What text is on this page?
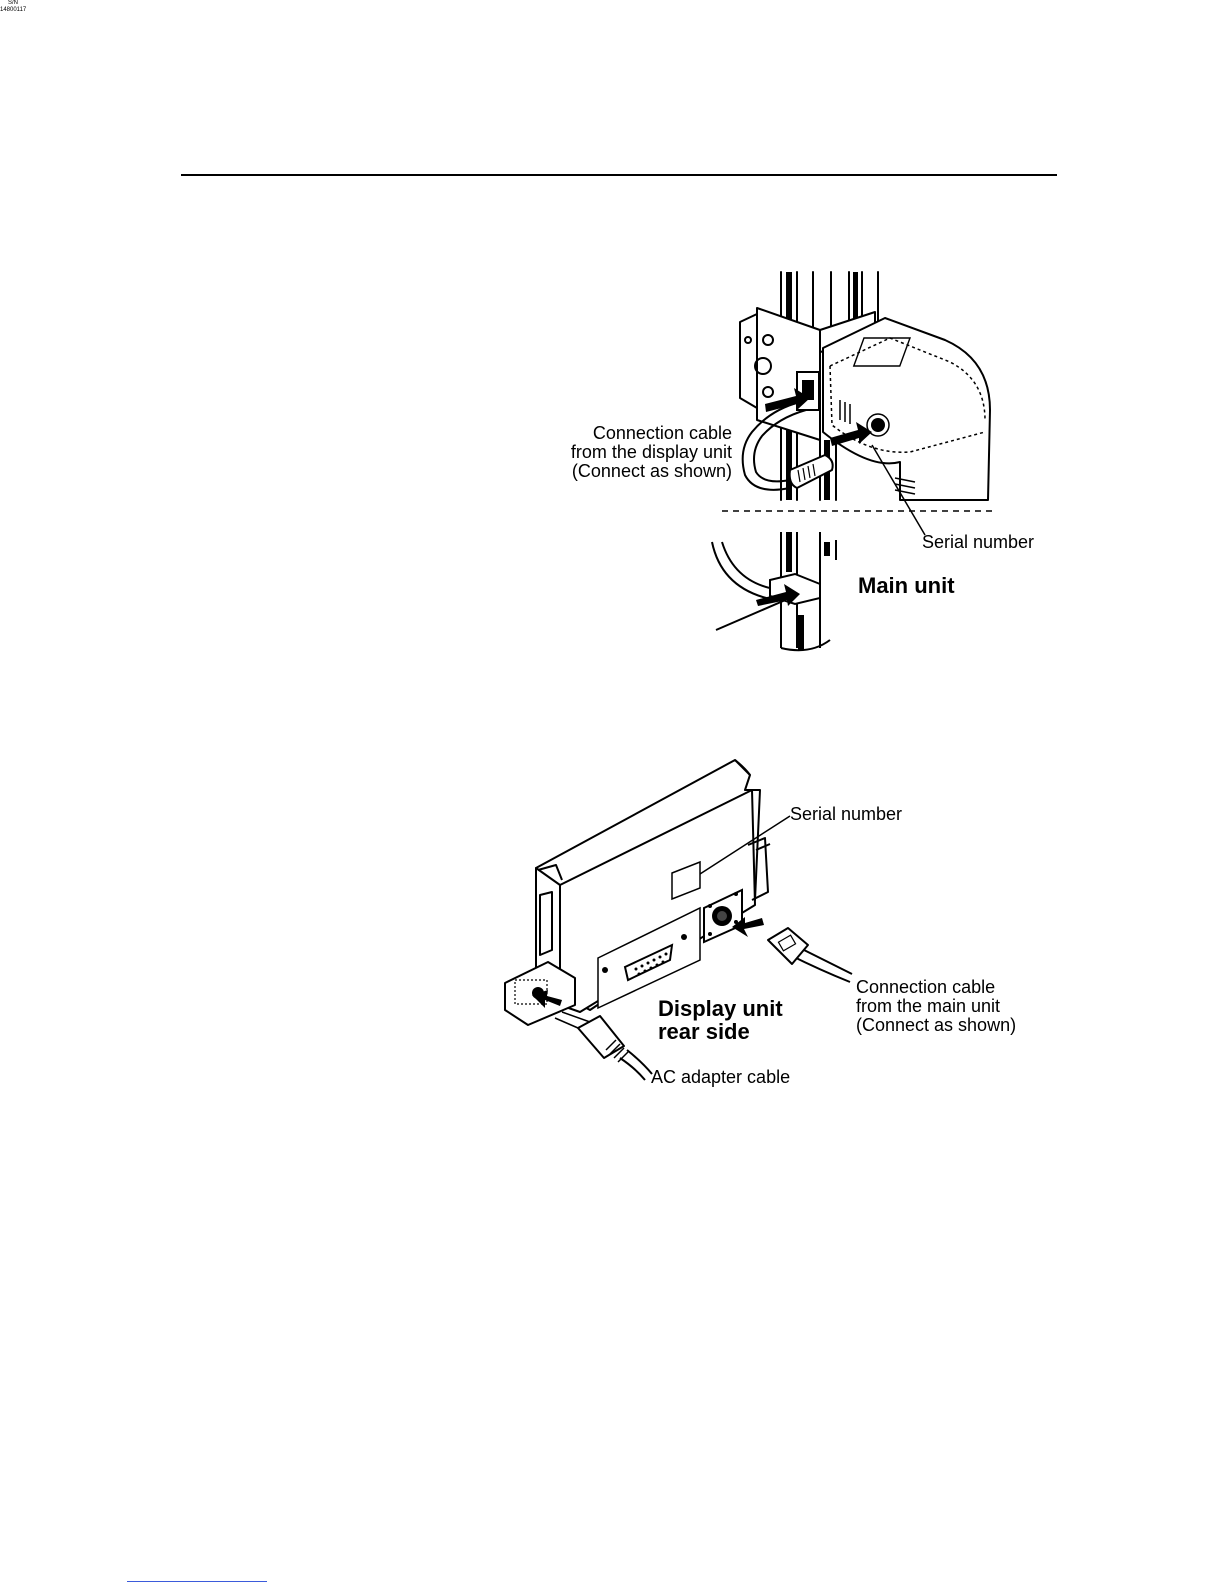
Connection cable
from the display unit
(Connect as shown)
Serial number
Main unit
S/N
14800117
Serial number
Connection cable
from the main unit
(Connect as shown)
Display unit
rear side
AC adapter cable
